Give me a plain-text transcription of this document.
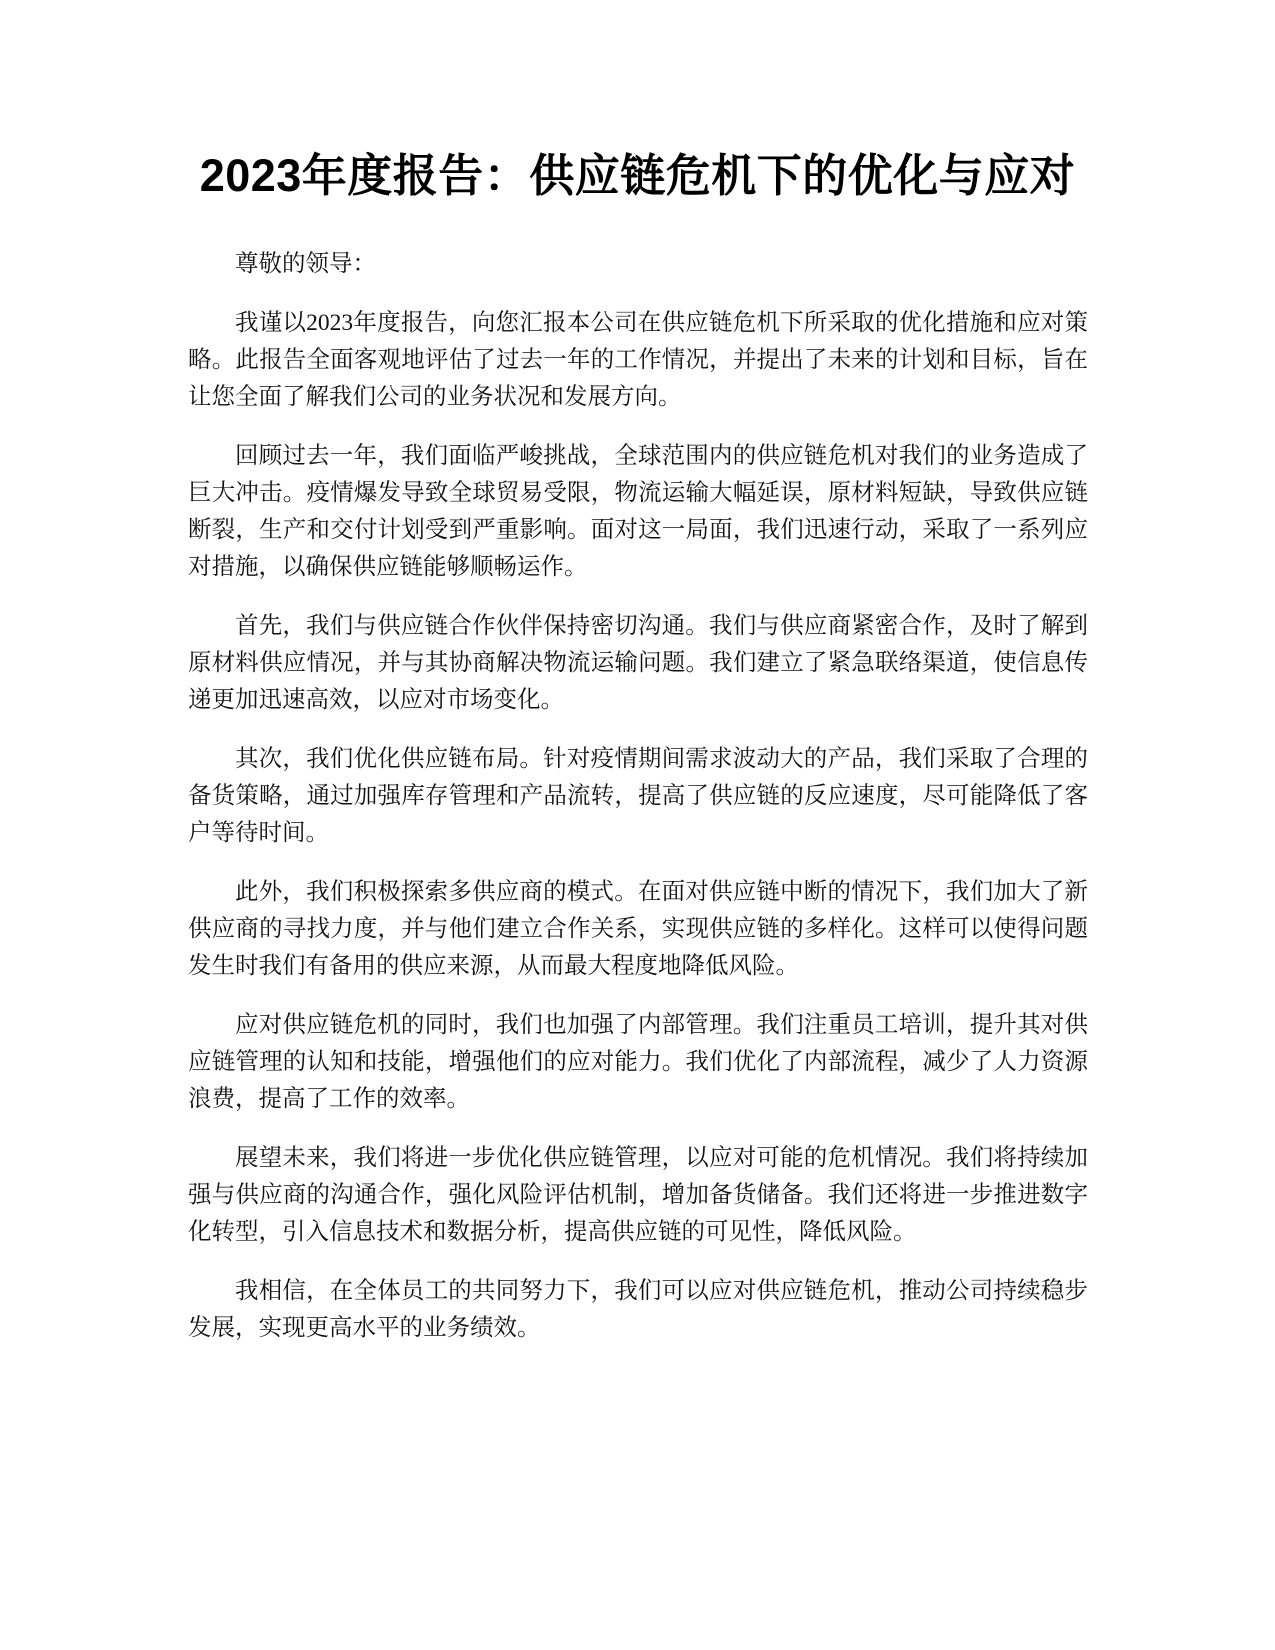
2023年度报告：供应链危机下的优化与应对

尊敬的领导：

我谨以2023年度报告，向您汇报本公司在供应链危机下所采取的优化措施和应对策略。此报告全面客观地评估了过去一年的工作情况，并提出了未来的计划和目标，旨在让您全面了解我们公司的业务状况和发展方向。

回顾过去一年，我们面临严峻挑战，全球范围内的供应链危机对我们的业务造成了巨大冲击。疫情爆发导致全球贸易受限，物流运输大幅延误，原材料短缺，导致供应链断裂，生产和交付计划受到严重影响。面对这一局面，我们迅速行动，采取了一系列应对措施，以确保供应链能够顺畅运作。

首先，我们与供应链合作伙伴保持密切沟通。我们与供应商紧密合作，及时了解到原材料供应情况，并与其协商解决物流运输问题。我们建立了紧急联络渠道，使信息传递更加迅速高效，以应对市场变化。

其次，我们优化供应链布局。针对疫情期间需求波动大的产品，我们采取了合理的备货策略，通过加强库存管理和产品流转，提高了供应链的反应速度，尽可能降低了客户等待时间。

此外，我们积极探索多供应商的模式。在面对供应链中断的情况下，我们加大了新供应商的寻找力度，并与他们建立合作关系，实现供应链的多样化。这样可以使得问题发生时我们有备用的供应来源，从而最大程度地降低风险。

应对供应链危机的同时，我们也加强了内部管理。我们注重员工培训，提升其对供应链管理的认知和技能，增强他们的应对能力。我们优化了内部流程，减少了人力资源浪费，提高了工作的效率。

展望未来，我们将进一步优化供应链管理，以应对可能的危机情况。我们将持续加强与供应商的沟通合作，强化风险评估机制，增加备货储备。我们还将进一步推进数字化转型，引入信息技术和数据分析，提高供应链的可见性，降低风险。

我相信，在全体员工的共同努力下，我们可以应对供应链危机，推动公司持续稳步发展，实现更高水平的业务绩效。
